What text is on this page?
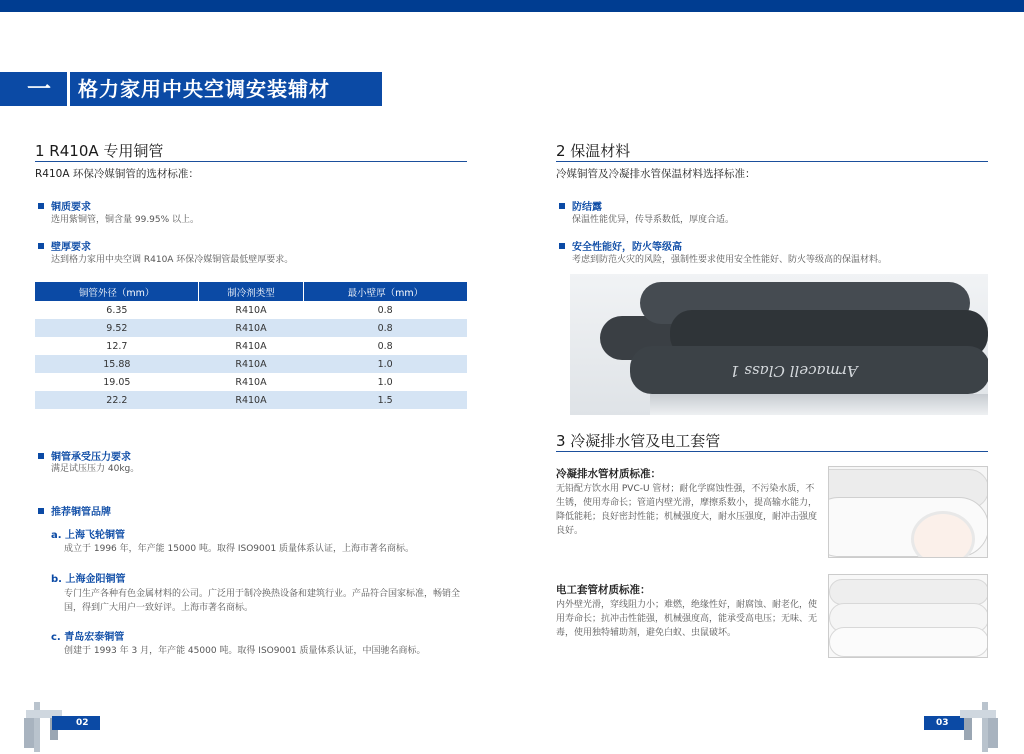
一	格力家用中央空调安装辅材
1 R410A 专用铜管
R410A 环保冷媒铜管的选材标准：
铜质要求
选用紫铜管，铜含量 99.95% 以上。
壁厚要求
达到格力家用中央空调 R410A 环保冷媒铜管最低壁厚要求。
铜管外径（mm）	制冷剂类型	最小壁厚（mm）
6.35	R410A	0.8
9.52	R410A	0.8
12.7	R410A	0.8
15.88	R410A	1.0
19.05	R410A	1.0
22.2	R410A	1.5
铜管承受压力要求
满足试压压力 40kg。
推荐铜管品牌
a. 上海飞轮铜管
成立于 1996 年，年产能 15000 吨。取得 ISO9001 质量体系认证，上海市著名商标。
b. 上海金阳铜管
专门生产各种有色金属材料的公司。广泛用于制冷换热设备和建筑行业。产品符合国家标准，畅销全国，得到广大用户一致好评。上海市著名商标。
c. 青岛宏泰铜管
创建于 1993 年 3 月，年产能 45000 吨。取得 ISO9001 质量体系认证，中国驰名商标。
02
2 保温材料
冷媒铜管及冷凝排水管保温材料选择标准：
防结露
保温性能优异，传导系数低，厚度合适。
安全性能好，防火等级高
考虑到防范火灾的风险，强制性要求使用安全性能好、防火等级高的保温材料。
Armacell Class 1
3 冷凝排水管及电工套管
冷凝排水管材质标准：
无铅配方饮水用 PVC-U 管材；耐化学腐蚀性强，不污染水质，不生锈，使用寿命长；管道内壁光滑，摩擦系数小，提高输水能力，降低能耗；良好密封性能；机械强度大，耐水压强度，耐冲击强度良好。
电工套管材质标准：
内外壁光滑，穿线阻力小；难燃，绝缘性好，耐腐蚀、耐老化，使用寿命长；抗冲击性能强，机械强度高，能承受高电压；无味、无毒，使用独特辅助剂，避免白蚁、虫鼠破坏。
03
